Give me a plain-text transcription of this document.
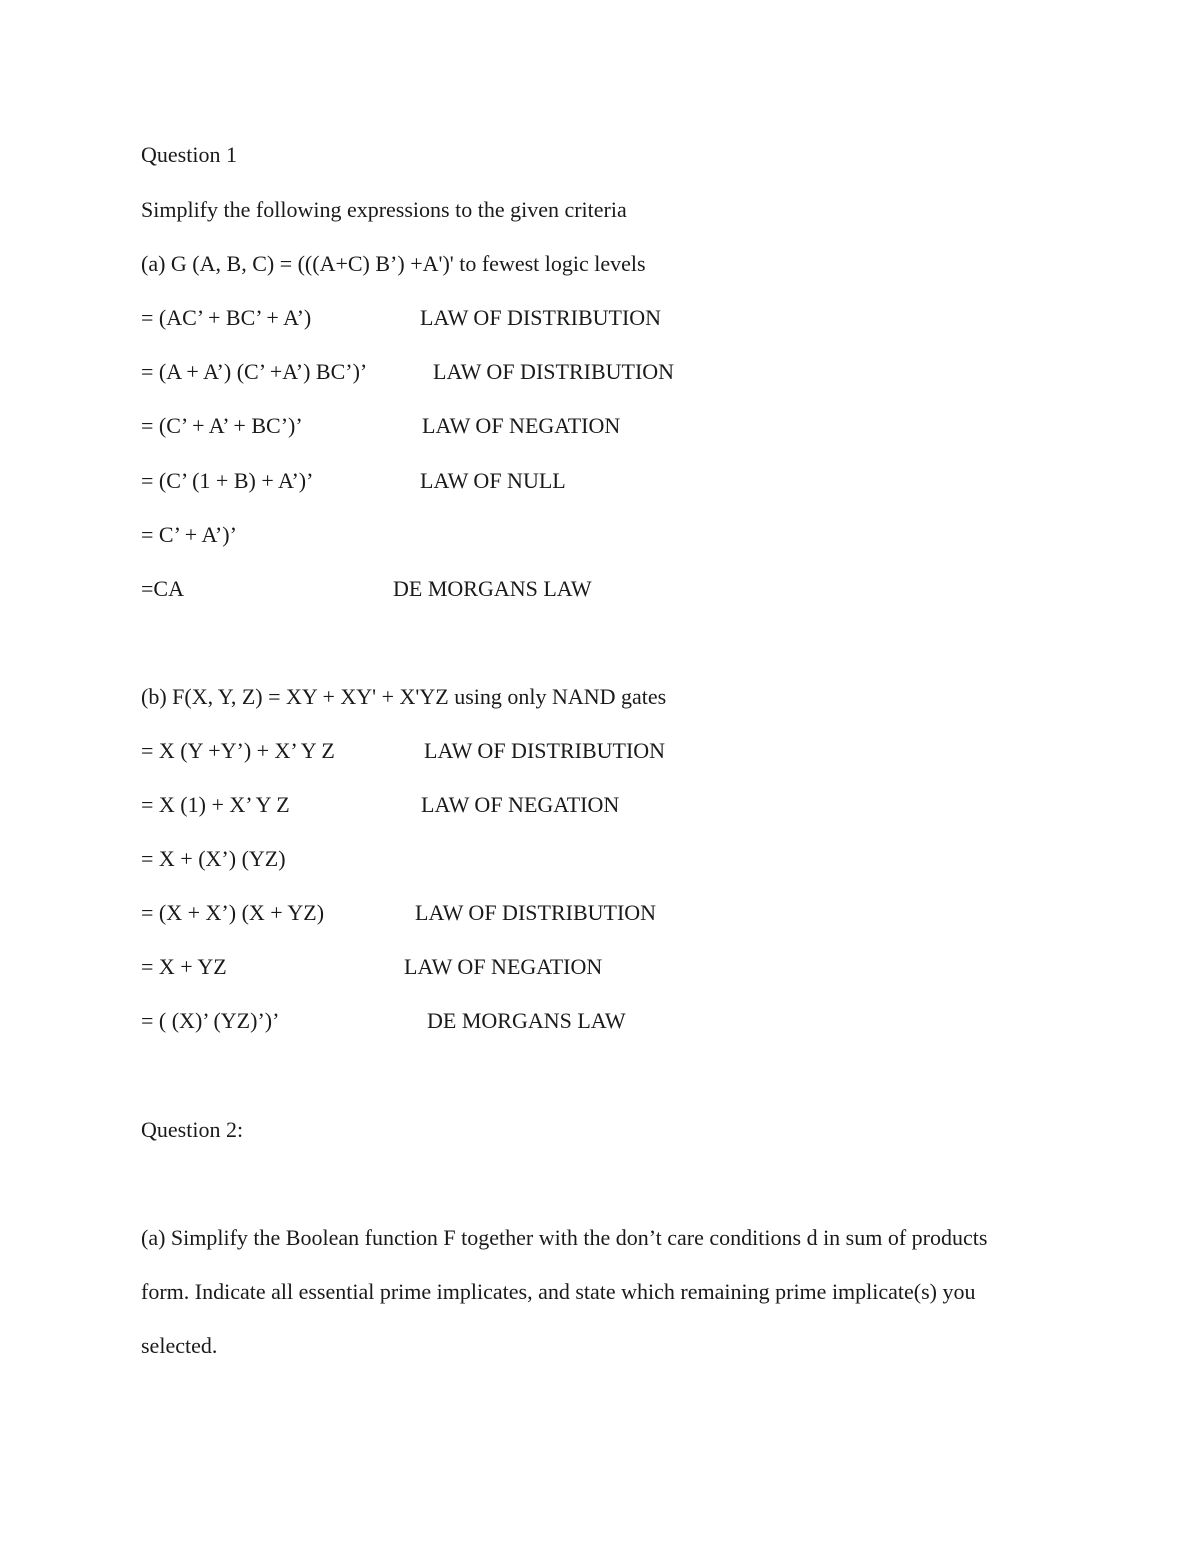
Question 1
Simplify the following expressions to the given criteria
(a) G (A, B, C) = (((A+C) B’) +A')' to fewest logic levels
= (AC’ + BC’ + A’)	LAW OF DISTRIBUTION
= (A + A’) (C’ +A’) BC’)’	LAW OF DISTRIBUTION
= (C’ + A’ + BC’)’	LAW OF NEGATION
= (C’ (1 + B) + A’)’	LAW OF NULL
= C’ + A’)’
=CA	DE MORGANS LAW
(b) F(X, Y, Z) = XY + XY' + X'YZ using only NAND gates
= X (Y +Y’) + X’ Y Z	LAW OF DISTRIBUTION
= X (1) + X’ Y Z	LAW OF NEGATION
= X + (X’) (YZ)
= (X + X’) (X + YZ)	LAW OF DISTRIBUTION
= X + YZ	LAW OF NEGATION
= ( (X)’ (YZ)’)’	DE MORGANS LAW
Question 2:
(a) Simplify the Boolean function F together with the don’t care conditions d in sum of products
form. Indicate all essential prime implicates, and state which remaining prime implicate(s) you
selected.
